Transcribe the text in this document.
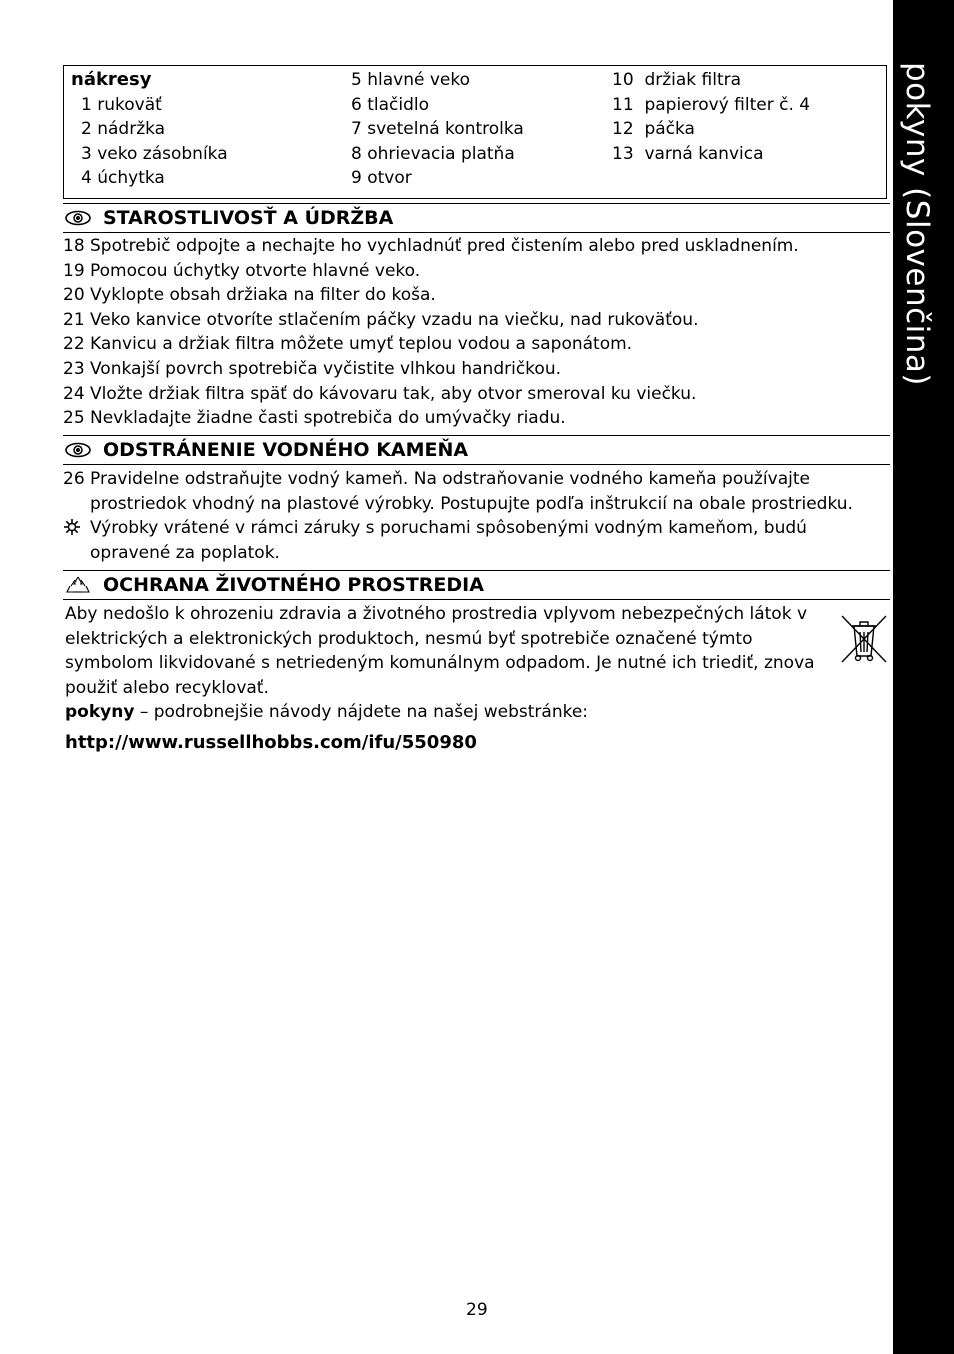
pokyny (Slovenčina)
nákresy
1 rukoväť
2 nádržka
3 veko zásobníka
4 úchytka
5 hlavné veko
6 tlačidlo
7 svetelná kontrolka
8 ohrievacia platňa
9 otvor
10 držiak filtra
11 papierový filter č. 4
12 páčka
13 varná kanvica
STAROSTLIVOSŤ A ÚDRŽBA
18 Spotrebič odpojte a nechajte ho vychladnúť pred čistením alebo pred uskladnením.
19 Pomocou úchytky otvorte hlavné veko.
20 Vyklopte obsah držiaka na filter do koša.
21 Veko kanvice otvoríte stlačením páčky vzadu na viečku, nad rukoväťou.
22 Kanvicu a držiak filtra môžete umyť teplou vodou a saponátom.
23 Vonkajší povrch spotrebiča vyčistite vlhkou handričkou.
24 Vložte držiak filtra späť do kávovaru tak, aby otvor smeroval ku viečku.
25 Nevkladajte žiadne časti spotrebiča do umývačky riadu.
ODSTRÁNENIE VODNÉHO KAMEŇA
26 Pravidelne odstraňujte vodný kameň. Na odstraňovanie vodného kameňa používajte
prostriedok vhodný na plastové výrobky. Postupujte podľa inštrukcií na obale prostriedku.
Výrobky vrátené v rámci záruky s poruchami spôsobenými vodným kameňom, budú
opravené za poplatok.
OCHRANA ŽIVOTNÉHO PROSTREDIA
Aby nedošlo k ohrozeniu zdravia a životného prostredia vplyvom nebezpečných látok v
elektrických a elektronických produktoch, nesmú byť spotrebiče označené týmto
symbolom likvidované s netriedeným komunálnym odpadom. Je nutné ich triediť, znova
použiť alebo recyklovať.
pokyny – podrobnejšie návody nájdete na našej webstránke:
http://www.russellhobbs.com/ifu/550980
29
